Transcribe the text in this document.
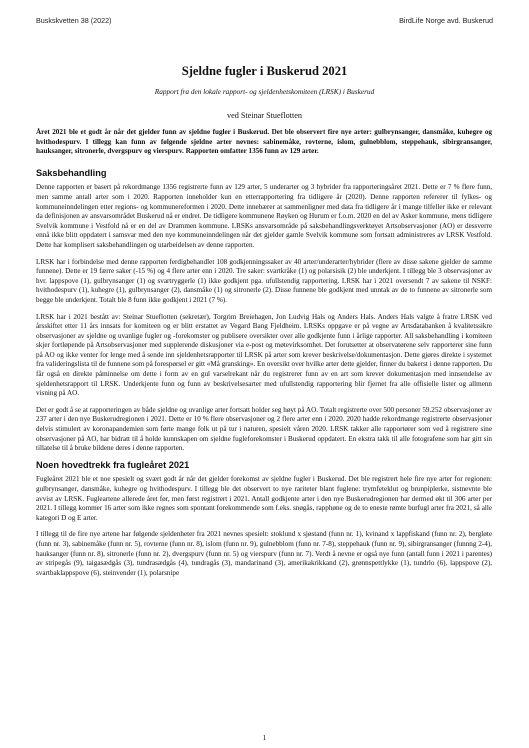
Buskskvetten 38 (2022)	BirdLife Norge avd. Buskerud
Sjeldne fugler i Buskerud 2021
Rapport fra den lokale rapport- og sjeldenhetskomiteen (LRSK) i Buskerud
ved Steinar Stueflotten

Året 2021 ble et godt år når det gjelder funn av sjeldne fugler i Buskerud. Det ble observert fire nye arter: gulbrynsanger, dansmåke, kuhegre og hvithodespurv. I tillegg kan funn av følgende sjeldne arter nevnes: sabinemåke, rovterne, islom, gulnebblom, steppehauk, sibirgransanger, hauksanger, sitronerle, dvergspurv og vierspurv. Rapporten omfatter 1356 funn av 129 arter.

Saksbehandling

Denne rapporten er basert på rekordmange 1356 registrerte funn av 129 arter, 5 underarter og 3 hybrider fra rapporteringsåret 2021. Dette er 7 % flere funn, men samme antall arter som i 2020. Rapporten inneholder kun en etterrapportering fra tidligere år (2020). Denne rapporten refererer til fylkes- og kommuneinndelingen etter regions- og kommunereformen i 2020. Dette innebærer at sammenligner med data fra tidligere år i mange tilfeller ikke er relevant da definisjonen av ansvarsområdet Buskerud nå er endret. De tidligere kommunene Røyken og Hurum er f.o.m. 2020 en del av Asker kommune, mens tidligere Svelvik kommune i Vestfold nå er en del av Drammen kommune. LRSKs ansvarsområde på saksbehandlingsverktøyet Artsobservasjoner (AO) er dessverre ennå ikke blitt oppdatert i samsvar med den nye kommuneinndelingen når det gjelder gamle Svelvik kommune som fortsatt administreres av LRSK Vestfold. Dette har komplisert saksbehandlingen og utarbeidelsen av denne rapporten.

LRSK har i forbindelse med denne rapporten ferdigbehandlet 108 godkjenningssaker av 40 arter/underarter/hybrider (flere av disse sakene gjelder de samme funnene). Dette er 19 færre saker (-15 %) og 4 flere arter enn i 2020. Tre saker: svartkråke (1) og polarsisik (2) ble underkjent. I tillegg ble 3 observasjoner av hvr. lappspove (1), gulbrynsanger (1) og svartryggerle (1) ikke godkjent pga. ufullstendig rapportering. LRSK har i 2021 oversendt 7 av sakene til NSKF: hvithodespurv (1), kuhegre (1), gulbrynsanger (2), dansmåke (1) og sitronerle (2). Disse funnene ble godkjent med unntak av de to funnene av sitronerle som begge ble underkjent. Totalt ble 8 funn ikke godkjent i 2021 (7 %).

LRSK har i 2021 bestått av: Steinar Stueflotten (sekretær), Torgrim Breiehagen, Jon Ludvig Hals og Anders Hals. Anders Hals valgte å fratre LRSK ved årsskiftet etter 11 års innsats for komiteen og er blitt erstattet av Vegard Bang Fjeldheim. LRSKs oppgave er på vegne av Artsdatabanken å kvalitetssikre observasjoner av sjeldne og uvanlige fugler og -forekomster og publisere oversikter over alle godkjente funn i årlige rapporter. All saksbehandling i komiteen skjer fortløpende på Artsobservasjoner med supplerende diskusjoner via e-post og møtevirksomhet. Det forutsetter at observatørene selv rapporterer sine funn på AO og ikke venter for lenge med å sende inn sjeldenhetsrapporter til LRSK på arter som krever beskrivelse/dokumentasjon. Dette gjøres direkte i systemet fra valideringslista til de funnene som på forespørsel er gitt «Må gransking». En oversikt over hvilke arter dette gjelder, finner du bakerst i denne rapporten. Du får også en direkte påminnelse om dette i form av en gul varselrekant når du registrerer funn av en art som krever dokumentasjon med innsendelse av sjeldenhetsrapport til LRSK. Underkjente funn og funn av beskrivelsesarter med ufullstendig rapportering blir fjernet fra alle offisielle lister og allmenn visning på AO.

Det er godt å se at rapporteringen av både sjeldne og uvanlige arter fortsatt holder seg høyt på AO. Totalt registrerte over 500 personer 59.252 observasjoner av 237 arter i den nye Buskerudregionen i 2021. Dette er 10 % flere observasjoner og 2 flere arter enn i 2020. 2020 hadde rekordmange registrerte observasjoner delvis stimulert av koronapandemien som førte mange folk ut på tur i naturen, spesielt våren 2020. LRSK takker alle rapportører som ved å registrere sine observasjoner på AO, har bidratt til å holde kunnskapen om sjeldne fugleforekomster i Buskerud oppdatert. En ekstra takk til alle fotografene som har gitt sin tillatelse til å bruke bildene deres i denne rapporten.

Noen hovedtrekk fra fugleåret 2021

Fugleåret 2021 ble et noe spesielt og svært godt år når det gjelder forekomst av sjeldne fugler i Buskerud. Det ble registrert hele fire nye arter for regionen: gulbrynsanger, dansmåke, kuhegre og hvithodespurv. I tillegg ble det observert to nye rariteter blant fuglene: trymfeteklut og brunpiplerke, sistnevnte ble avvist av LRSK. Fugleartene allerede året før, men først registrert i 2021. Antall godkjente arter i den nye Buskerudregionen har dermed økt til 306 arter per 2021. I tillegg kommer 16 arter som ikke regnes som spontant forekommende som f.eks. snøgås, rapphøne og de to eneste rømte burfugl arter fra 2021, så alle kategori D og E arter.

I tillegg til de fire nye artene har følgende sjeldenheter fra 2021 nevnes spesielt: stoklund x sjøstand (funn nr. 1), kvinand x lappfiskand (funn nr. 2), bergløte (funn nr. 3), sabinemåke (funn nr. 5), rovterne (funn nr. 8), islom (funn nr. 9), gulnebblom (funn nr. 7-8), steppehauk (funn nr. 9), sibirgransanger (funnng 2-4), hauksanger (funn nr. 8), sitronerle (funn nr. 2), dvergspurv (funn nr. 5) og vierspurv (funn nr. 7). Verdt å nevne er også nye funn (antall funn i 2021 i parentes) av stripegås (9), taigasædgås (3), tundrasædgås (4), tundragås (3), mandarinand (3), amerikakrikkand (2), grønnspettlykke (1), tundrlo (6), lappspove (2), svartbaklappspove (6), steinvender (1), polarsnipe

1
